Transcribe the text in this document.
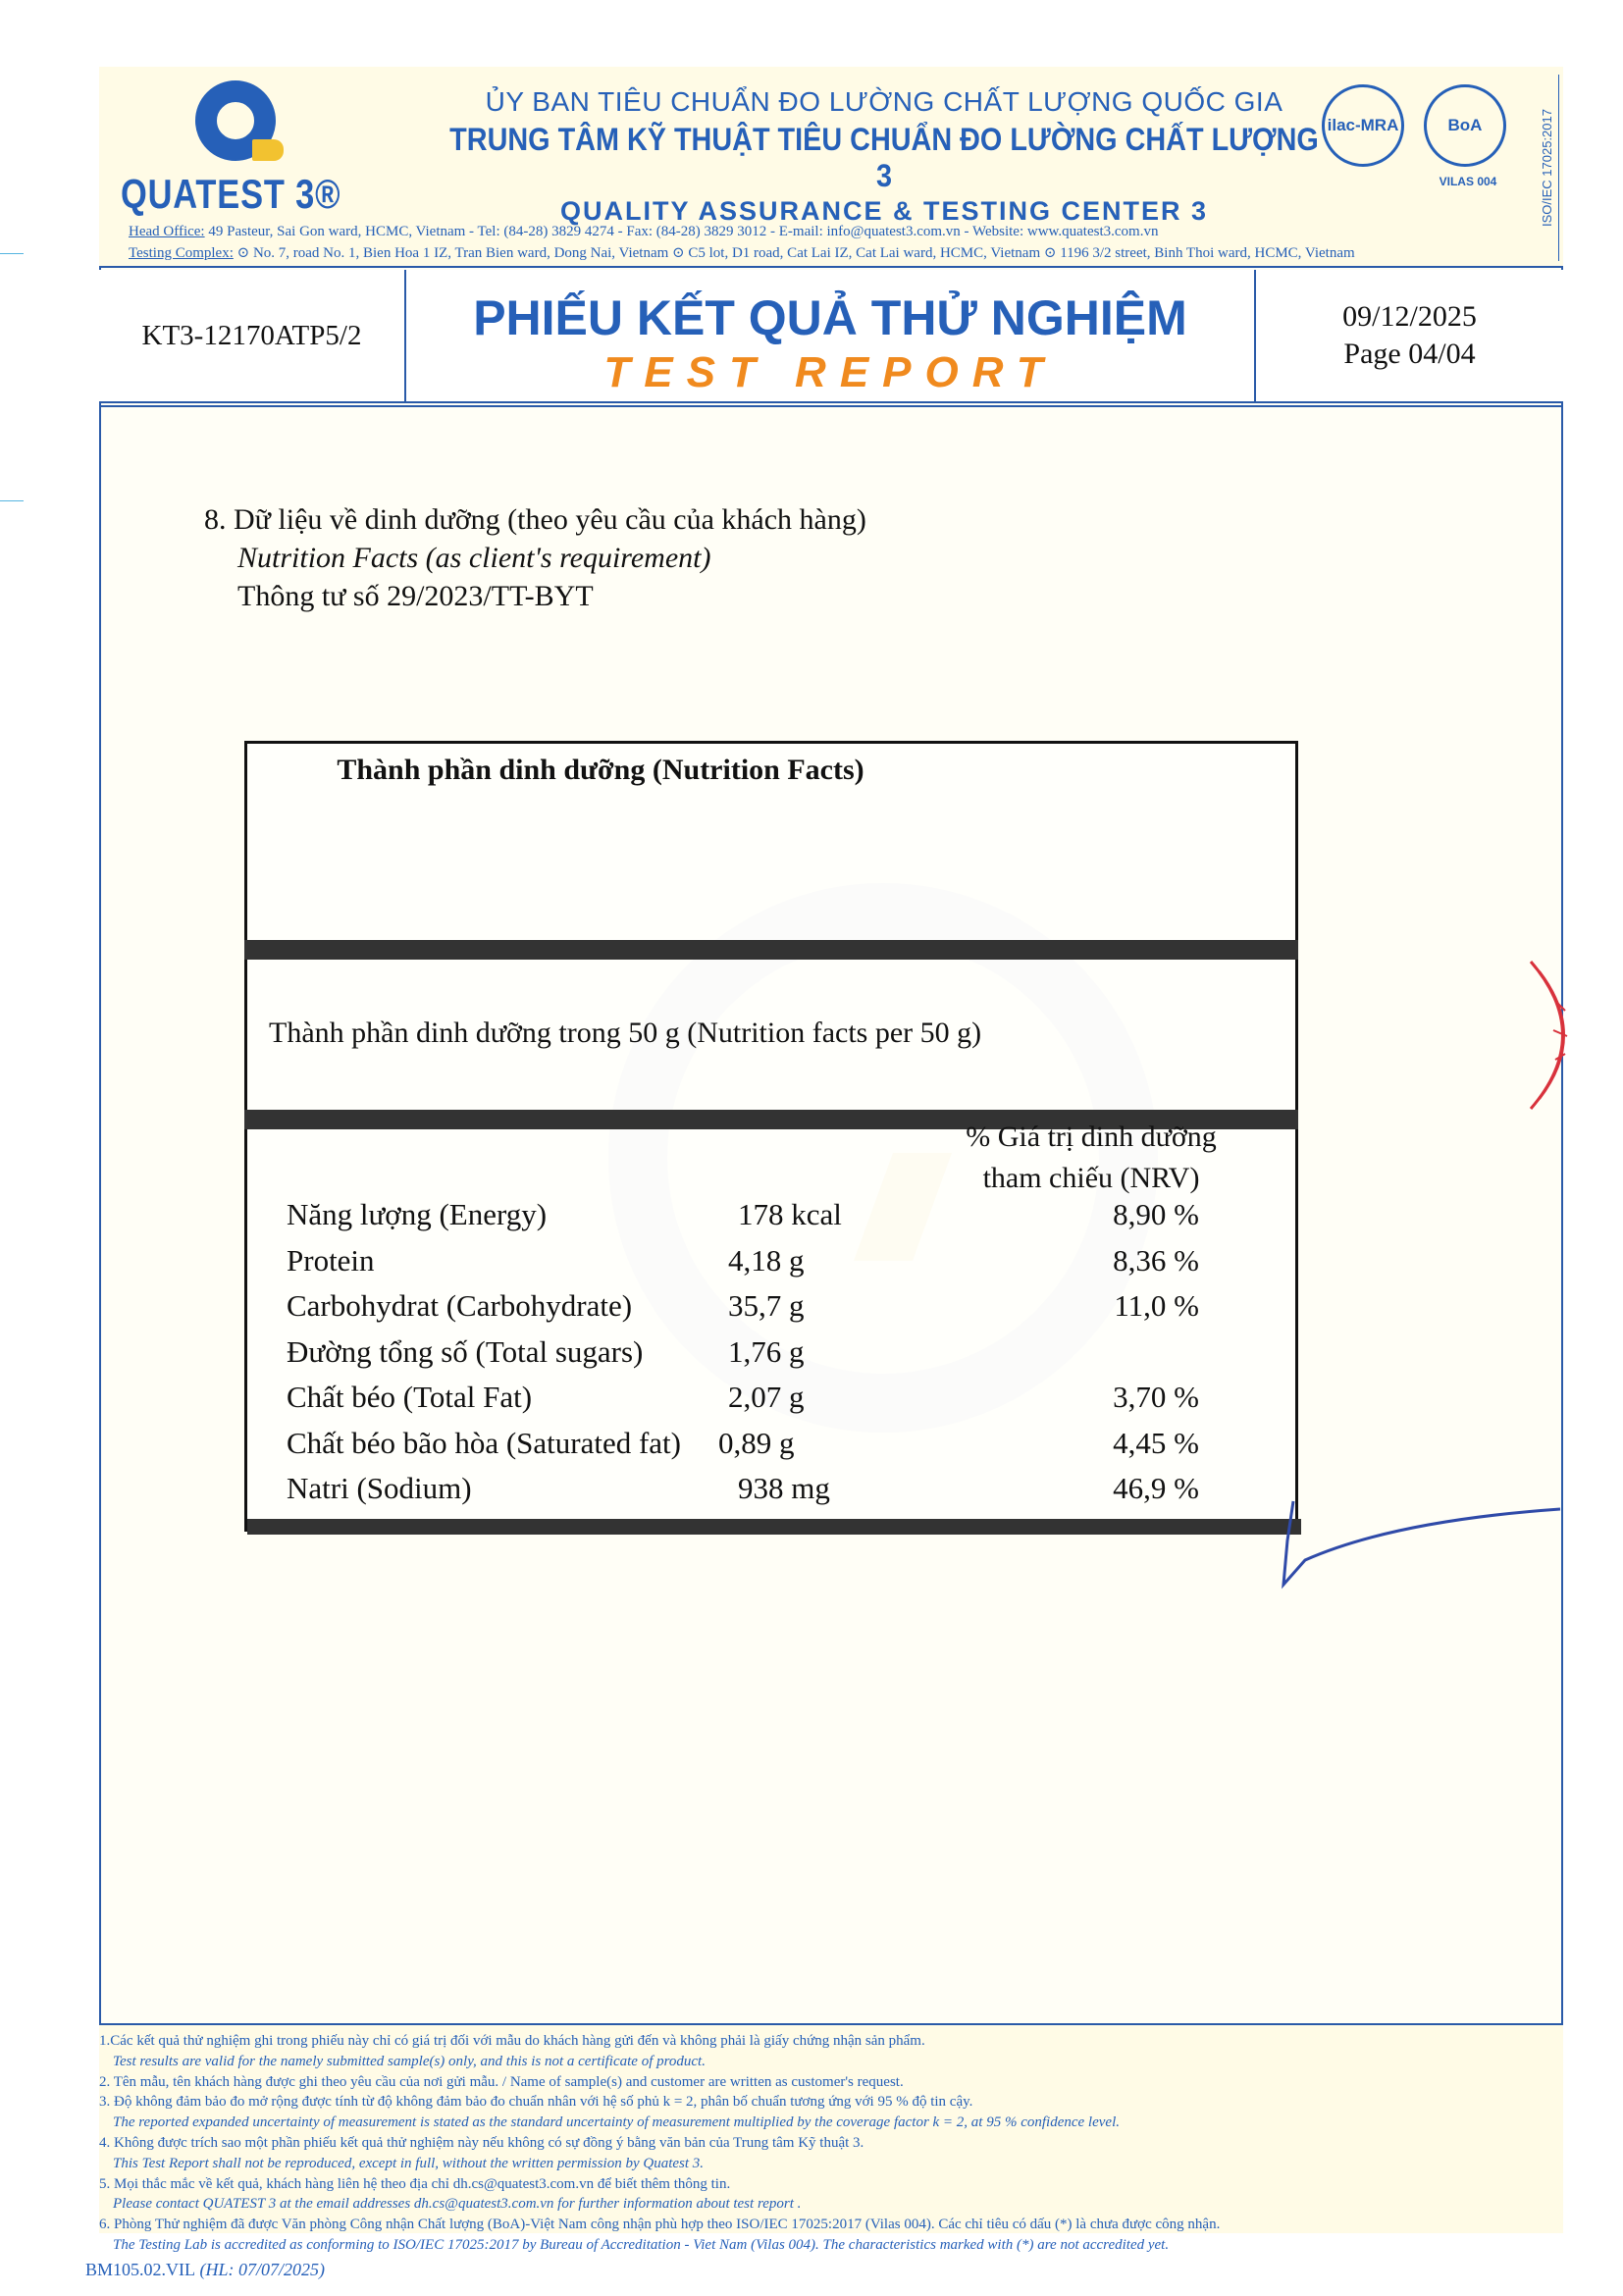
QUATEST 3®
ỦY BAN TIÊU CHUẨN ĐO LƯỜNG CHẤT LƯỢNG QUỐC GIA
TRUNG TÂM KỸ THUẬT TIÊU CHUẨN ĐO LƯỜNG CHẤT LƯỢNG 3
QUALITY ASSURANCE & TESTING CENTER 3
ilac-MRA	BoA
VILAS 004	ISO/IEC 17025:2017
Head Office: 49 Pasteur, Sai Gon ward, HCMC, Vietnam - Tel: (84-28) 3829 4274 - Fax: (84-28) 3829 3012 - E-mail: info@quatest3.com.vn - Website: www.quatest3.com.vn
Testing Complex: ⊙ No. 7, road No. 1, Bien Hoa 1 IZ, Tran Bien ward, Dong Nai, Vietnam ⊙ C5 lot, D1 road, Cat Lai IZ, Cat Lai ward, HCMC, Vietnam ⊙ 1196 3/2 street, Binh Thoi ward, HCMC, Vietnam
KT3-12170ATP5/2	PHIẾU KẾT QUẢ THỬ NGHIỆM
TEST REPORT
09/12/2025
Page 04/04
8. Dữ liệu về dinh dưỡng (theo yêu cầu của khách hàng)
Nutrition Facts (as client's requirement)
Thông tư số 29/2023/TT-BYT
Thành phần dinh dưỡng (Nutrition Facts)
Thành phần dinh dưỡng trong 50 g (Nutrition facts per 50 g)
% Giá trị dinh dưỡng
tham chiếu (NRV)
Năng lượng (Energy)	178 kcal	8,90 %
Protein	4,18 g	8,36 %
Carbohydrat (Carbohydrate)	35,7 g	11,0 %
Đường tổng số (Total sugars)	1,76 g
Chất béo (Total Fat)	2,07 g	3,70 %
Chất béo bão hòa (Saturated fat) 0,89 g	4,45 %
Natri (Sodium)	938 mg	46,9 %
1.Các kết quả thử nghiệm ghi trong phiếu này chỉ có giá trị đối với mẫu do khách hàng gửi đến và không phải là giấy chứng nhận sản phẩm.
Test results are valid for the namely submitted sample(s) only, and this is not a certificate of product.
2. Tên mẫu, tên khách hàng được ghi theo yêu cầu của nơi gửi mẫu. / Name of sample(s) and customer are written as customer's request.
3. Độ không đảm bảo đo mở rộng được tính từ độ không đảm bảo đo chuẩn nhân với hệ số phủ k = 2, phân bố chuẩn tương ứng với 95 % độ tin cậy.
The reported expanded uncertainty of measurement is stated as the standard uncertainty of measurement multiplied by the coverage factor k = 2, at 95 % confidence level.
4. Không được trích sao một phần phiếu kết quả thử nghiệm này nếu không có sự đồng ý bằng văn bản của Trung tâm Kỹ thuật 3.
This Test Report shall not be reproduced, except in full, without the written permission by Quatest 3.
5. Mọi thắc mắc về kết quả, khách hàng liên hệ theo địa chỉ dh.cs@quatest3.com.vn để biết thêm thông tin.
Please contact QUATEST 3 at the email addresses dh.cs@quatest3.com.vn for further information about test report .
6. Phòng Thử nghiệm đã được Văn phòng Công nhận Chất lượng (BoA)-Việt Nam công nhận phù hợp theo ISO/IEC 17025:2017 (Vilas 004). Các chỉ tiêu có dấu (*) là chưa được công nhận.
The Testing Lab is accredited as conforming to ISO/IEC 17025:2017 by Bureau of Accreditation - Viet Nam (Vilas 004). The characteristics marked with (*) are not accredited yet.
BM105.02.VIL (HL: 07/07/2025)
